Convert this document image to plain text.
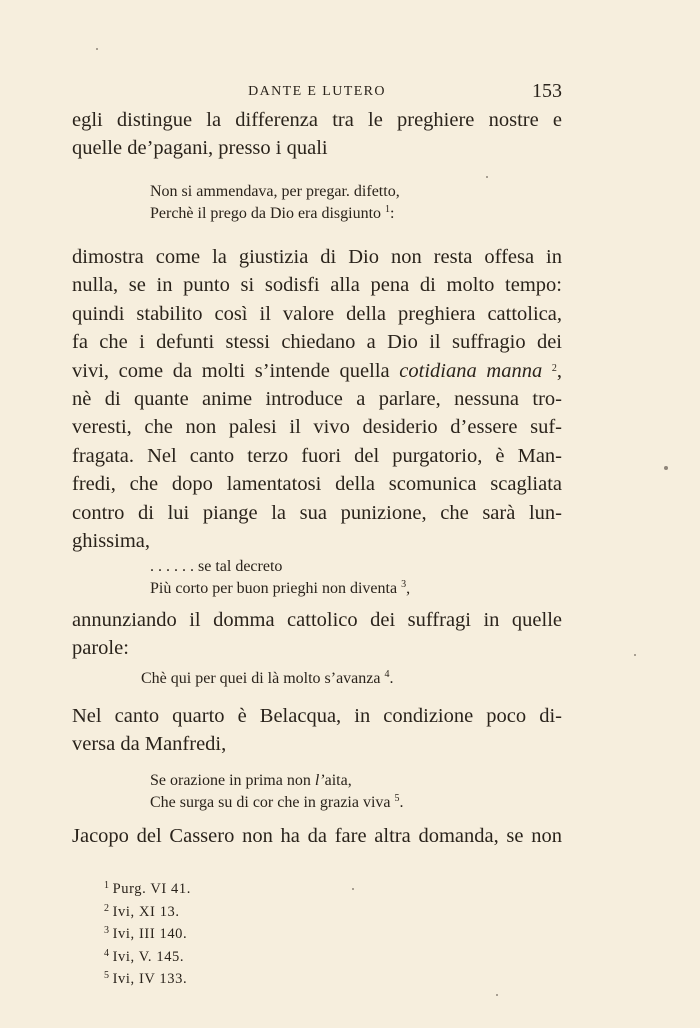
DANTE E LUTERO	153
egli distingue la differenza tra le preghiere nostre e
quelle de’pagani, presso i quali
Non si ammendava, per pregar. difetto,
Perchè il prego da Dio era disgiunto $^1$:
dimostra come la giustizia di Dio non resta offesa in
nulla, se in punto si sodisfi alla pena di molto tempo:
quindi stabilito così il valore della preghiera cattolica,
fa che i defunti stessi chiedano a Dio il suffragio dei
vivi, come da molti s’intende quella cotidiana manna $^2$,
nè di quante anime introduce a parlare, nessuna tro-
veresti, che non palesi il vivo desiderio d’essere suf-
fragata. Nel canto terzo fuori del purgatorio, è Man-
fredi, che dopo lamentatosi della scomunica scagliata
contro di lui piange la sua punizione, che sarà lun-
ghissima,
. . . . . . se tal decreto
Più corto per buon prieghi non diventa $^3$,
annunziando il domma cattolico dei suffragi in quelle
parole:
Chè qui per quei di là molto s’avanza $^4$.
Nel canto quarto è Belacqua, in condizione poco di-
versa da Manfredi,
Se orazione in prima non l’aita,
Che surga su di cor che in grazia viva $^5$.
Jacopo del Cassero non ha da fare altra domanda, se non
$^1$ Purg. VI 41.
$^2$ Ivi, XI 13.
$^3$ Ivi, III 140.
$^4$ Ivi, V. 145.
$^5$ Ivi, IV 133.
